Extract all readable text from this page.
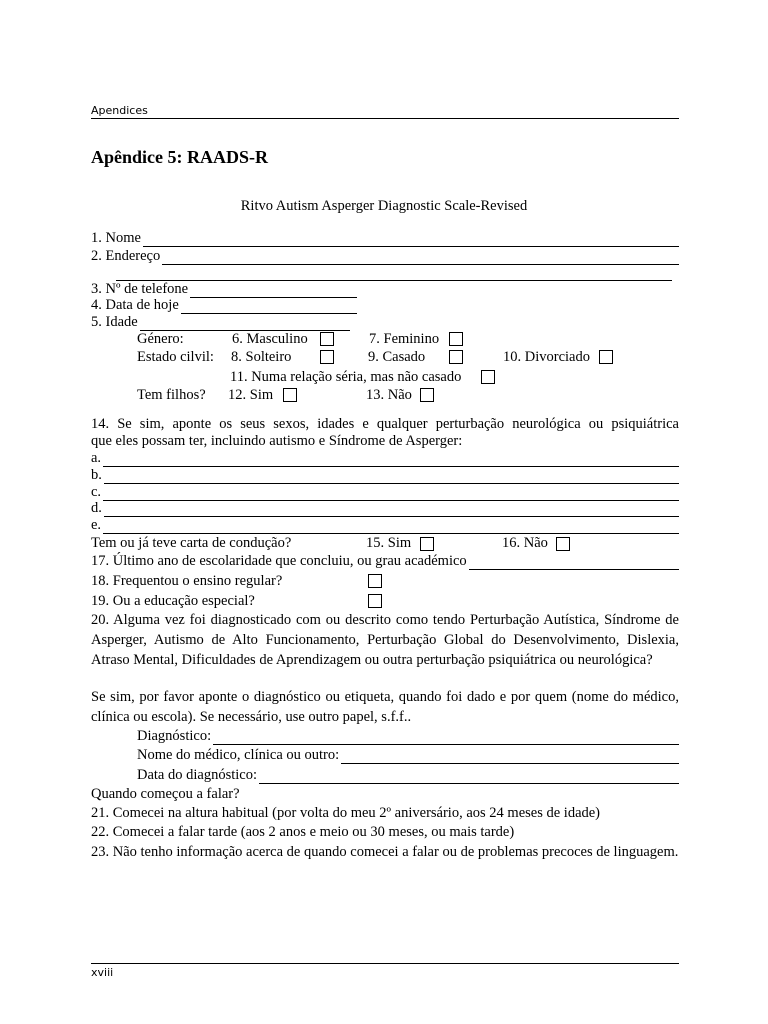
Apendices
Apêndice 5: RAADS-R
Ritvo Autism Asperger Diagnostic Scale-Revised
1. Nome
2. Endereço
3. Nº de telefone
4. Data de hoje
5. Idade
Género:	6. Masculino	7. Feminino
Estado cilvil: 8. Solteiro	9. Casado	10. Divorciado
11. Numa relação séria, mas não casado
Tem filhos? 12. Sim	13. Não
14. Se sim, aponte os seus sexos, idades e qualquer perturbação neurológica ou psiquiátrica
que eles possam ter, incluindo autismo e Síndrome de Asperger:
a.
b.
c.
d.
e.
Tem ou já teve carta de condução?	15. Sim	16. Não
17. Último ano de escolaridade que concluiu, ou grau académico
18. Frequentou o ensino regular?
19. Ou a educação especial?
20. Alguma vez foi diagnosticado com ou descrito como tendo Perturbação Autística, Síndrome de Asperger, Autismo de Alto Funcionamento, Perturbação Global do Desenvolvimento, Dislexia, Atraso Mental, Dificuldades de Aprendizagem ou outra perturbação psiquiátrica ou neurológica?
Se sim, por favor aponte o diagnóstico ou etiqueta, quando foi dado e por quem (nome do médico, clínica ou escola). Se necessário, use outro papel, s.f.f..
Diagnóstico:
Nome do médico, clínica ou outro:
Data do diagnóstico:
Quando começou a falar?
21. Comecei na altura habitual (por volta do meu 2º aniversário, aos 24 meses de idade)
22. Comecei a falar tarde (aos 2 anos e meio ou 30 meses, ou mais tarde)
23. Não tenho informação acerca de quando comecei a falar ou de problemas precoces de linguagem.
xviii
